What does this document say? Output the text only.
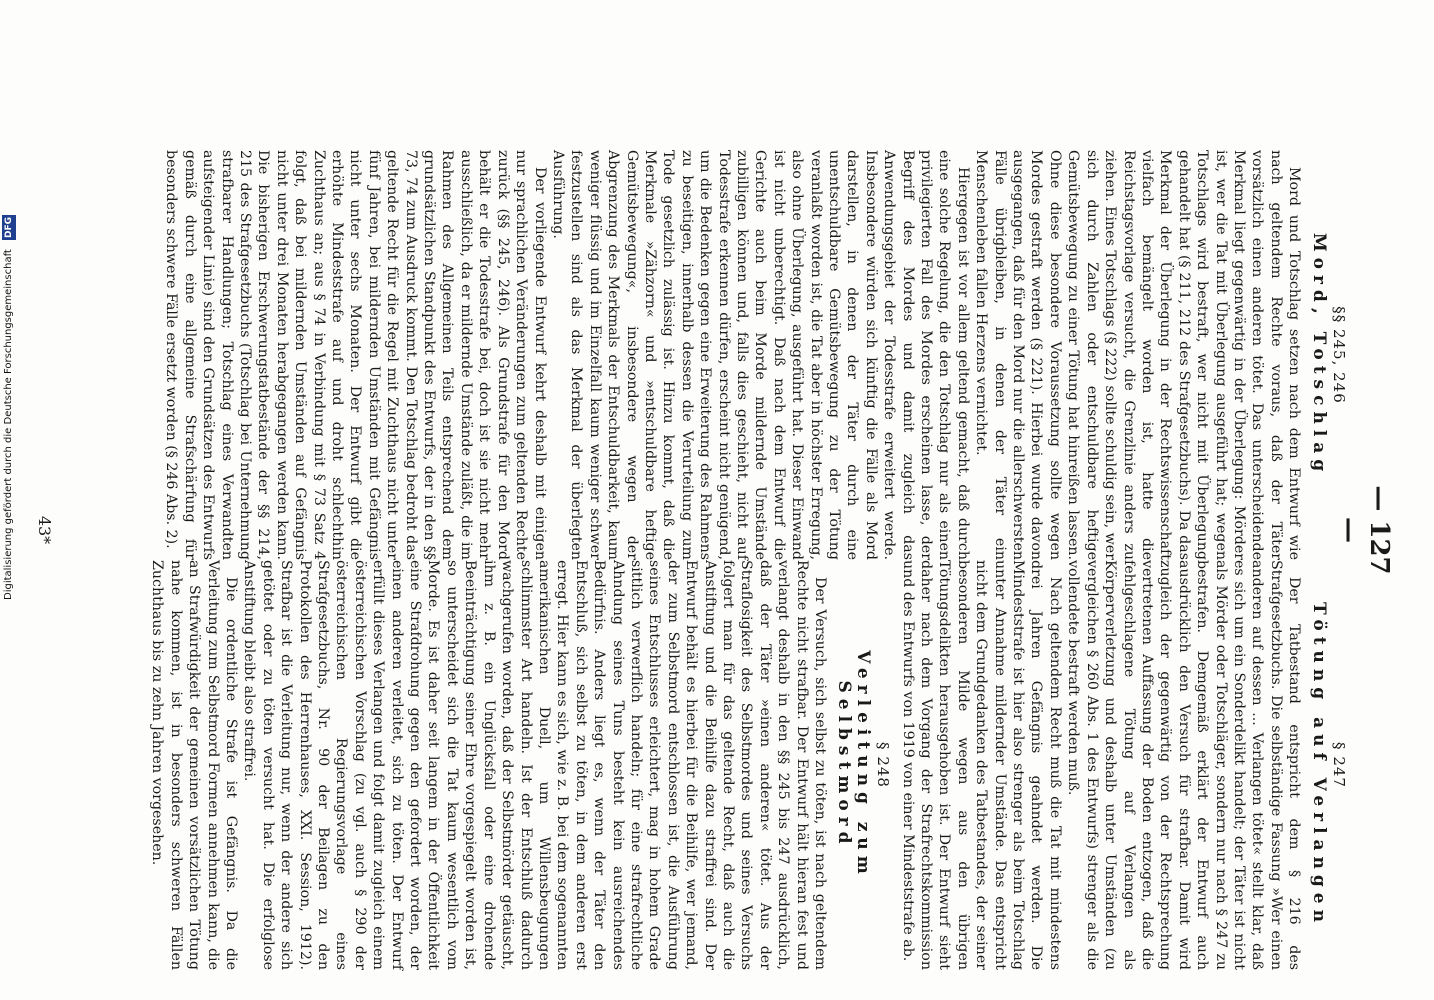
— 127 —
§§ 245, 246
Mord, Totschlag

Mord und Totschlag setzen nach dem Entwurf wie nach geltendem Rechte voraus, daß der Täter vorsätzlich einen anderen tötet. Das unterscheidende Merkmal liegt gegenwärtig in der Überlegung: Mörder ist, wer die Tat mit Überlegung ausgeführt hat; wegen Totschlags wird bestraft, wer nicht mit Überlegung gehandelt hat (§ 211, 212 des Strafgesetzbuchs). Da das Merkmal der Überlegung in der Rechtswissenschaft vielfach bemängelt worden ist, hatte die Reichstagsvorlage versucht, die Grenzlinie anders zu ziehen. Eines Totschlags (§ 222) sollte schuldig sein, wer sich durch Zahlen oder entschuldbare heftige Gemütsbewegung zu einer Tötung hat hinreißen lassen. Ohne diese besondere Voraussetzung sollte wegen Mordes gestraft werden (§ 221). Hierbei wurde davon ausgegangen, daß für den Mord nur die allerschwersten Fälle übrigbleiben, in denen der Täter ein Menschenleben fallen Herzens vernichtet.

Hiergegen ist vor allem geltend gemacht, daß durch eine solche Regelung, die den Totschlag nur als einen privilegierten Fall des Mordes erscheinen lasse, der Begriff des Mordes und damit zugleich das Anwendungsgebiet der Todesstrafe erweitert werde. Insbesondere würden sich künftig die Fälle als Mord darstellen, in denen der Täter durch eine unentschuldbare Gemütsbewegung zu der Tötung veranlaßt worden ist, die Tat aber in höchster Erregung, also ohne Überlegung, ausgeführt hat. Dieser Einwand ist nicht unberechtigt. Daß nach dem Entwurf die Gerichte auch beim Morde mildernde Umstände zubilligen können und, falls dies geschieht, nicht auf Todesstrafe erkennen dürfen, erscheint nicht genügend, um die Bedenken gegen eine Erweiterung des Rahmens zu beseitigen, innerhalb dessen die Verurteilung zum Tode gesetzlich zulässig ist. Hinzu kommt, daß die Merkmale »Zähzorn« und »entschuldbare heftige Gemütsbewegung«, insbesondere wegen der Abgrenzung des Merkmals der Entschuldbarkeit, kaum weniger flüssig und im Einzelfall kaum weniger schwer festzustellen sind als das Merkmal der überlegten Ausführung.

Der vorliegende Entwurf kehrt deshalb mit einigen nur sprachlichen Veränderungen zum geltenden Rechte zurück (§§ 245, 246). Als Grundstrafe für den Mord behält er die Todesstrafe bei, doch ist sie nicht mehr ausschließlich, da er mildernde Umstände zuläßt, die im Rahmen des Allgemeinen Teils entsprechend dem grundsätzlichen Standpunkt des Entwurfs, der in den §§ 73, 74 zum Ausdruck kommt. Den Totschlag bedroht das geltende Recht für die Regel mit Zuchthaus nicht unter fünf Jahren, bei mildernden Umständen mit Gefängnis nicht unter sechs Monaten. Der Entwurf gibt die erhöhte Mindeststrafe auf und droht schlechthin Zuchthaus an; aus § 74 in Verbindung mit § 73 Satz 4 folgt, daß bei mildernden Umständen auf Gefängnis nicht unter drei Monaten herabgegangen werden kann. Die bisherigen Erschwerungstatbestände der §§ 214, 215 des Strafgesetzbuchs (Totschlag bei Unternehmung strafbarer Handlungen; Totschlag eines Verwandten aufsteigender Linie) sind den Grundsätzen des Entwurfs gemäß durch eine allgemeine Strafschärfung für besonders schwere Fälle ersetzt worden (§ 246 Abs. 2).

§ 247
Tötung auf Verlangen

Der Tatbestand entspricht dem § 216 des Strafgesetzbuchs. Die selbständige Fassung »Wer einen anderen auf dessen ... Verlangen tötet« stellt klar, daß es sich um ein Sonderdelikt handelt; der Täter ist nicht als Mörder oder Totschläger, sondern nur nach § 247 zu bestrafen. Demgemäß erklärt der Entwurf auch ausdrücklich den Versuch für strafbar. Damit wird zugleich der gegenwärtig von der Rechtsprechung vertretenen Auffassung der Boden entzogen, daß die fehlgeschlagene Tötung auf Verlangen als Körperverletzung und deshalb unter Umständen (zu vergleichen § 260 Abs. 1 des Entwurfs) strenger als die vollendete bestraft werden muß.

Nach geltendem Recht muß die Tat mit mindestens drei Jahren Gefängnis geahndet werden. Die Mindeststrafe ist hier also strenger als beim Totschlag unter Annahme mildernder Umstände. Das entspricht nicht dem Grundgedanken des Tatbestandes, der seiner besonderen Milde wegen aus den übrigen Tötungsdelikten herausgehoben ist. Der Entwurf sieht daher nach dem Vorgang der Strafrechtskommission und des Entwurfs von 1919 von einer Mindeststrafe ab.

§ 248
Verleitung zum Selbstmord

Der Versuch, sich selbst zu töten, ist nach geltendem Rechte nicht strafbar. Der Entwurf hält hieran fest und verlangt deshalb in den §§ 245 bis 247 ausdrücklich, daß der Täter »einen anderen« tötet. Aus der Straflosigkeit des Selbstmordes und seines Versuchs folgert man für das geltende Recht, daß auch die Anstiftung und die Beihilfe dazu straffrei sind. Der Entwurf behält es hierbei für die Beihilfe, wer jemand, der zum Selbstmord entschlossen ist, die Ausführung seines Entschlusses erleichtert, mag in hohem Grade sittlich verwerflich handeln; für eine strafrechtliche Ahndung seines Tuns besteht kein ausreichendes Bedürfnis. Anders liegt es, wenn der Täter den Entschluß, sich selbst zu töten, in dem anderen erst erregt. Hier kann es sich, wie z. B. bei dem sogenannten amerikanischen Duell, um Willensbeugungen schlimmster Art handeln. Ist der Entschluß dadurch wachgerufen worden, daß der Selbstmörder getäuscht, ihm z. B. ein Unglücksfall oder eine drohende Beeinträchtigung seiner Ehre vorgespiegelt worden ist, so unterscheidet sich die Tat kaum wesentlich vom Morde. Es ist daher seit langem in der Öffentlichkeit eine Strafdrohung gegen den gefordert worden, der einen anderen verleitet, sich zu töten. Der Entwurf erfüllt dieses Verlangen und folgt damit zugleich einem österreichischen Vorschlag (zu vgl. auch § 290 der österreichischen Regierungsvorlage eines Strafgesetzbuchs, Nr. 90 der Beilagen zu den Protokollen des Herrenhauses, XXI. Session, 1912). Strafbar ist die Verleitung nur, wenn der andere sich getötet oder zu töten versucht hat. Die erfolglose Anstiftung bleibt also straffrei.

Die ordentliche Strafe ist Gefängnis. Da die Verleitung zum Selbstmord Formen annehmen kann, die an Strafwürdigkeit der gemeinen vorsätzlichen Tötung nahe kommen, ist in besonders schweren Fällen Zuchthaus bis zu zehn Jahren vorgesehen.

43*
Digitalisierung gefördert durch die Deutsche Forschungsgemeinschaft DFG
